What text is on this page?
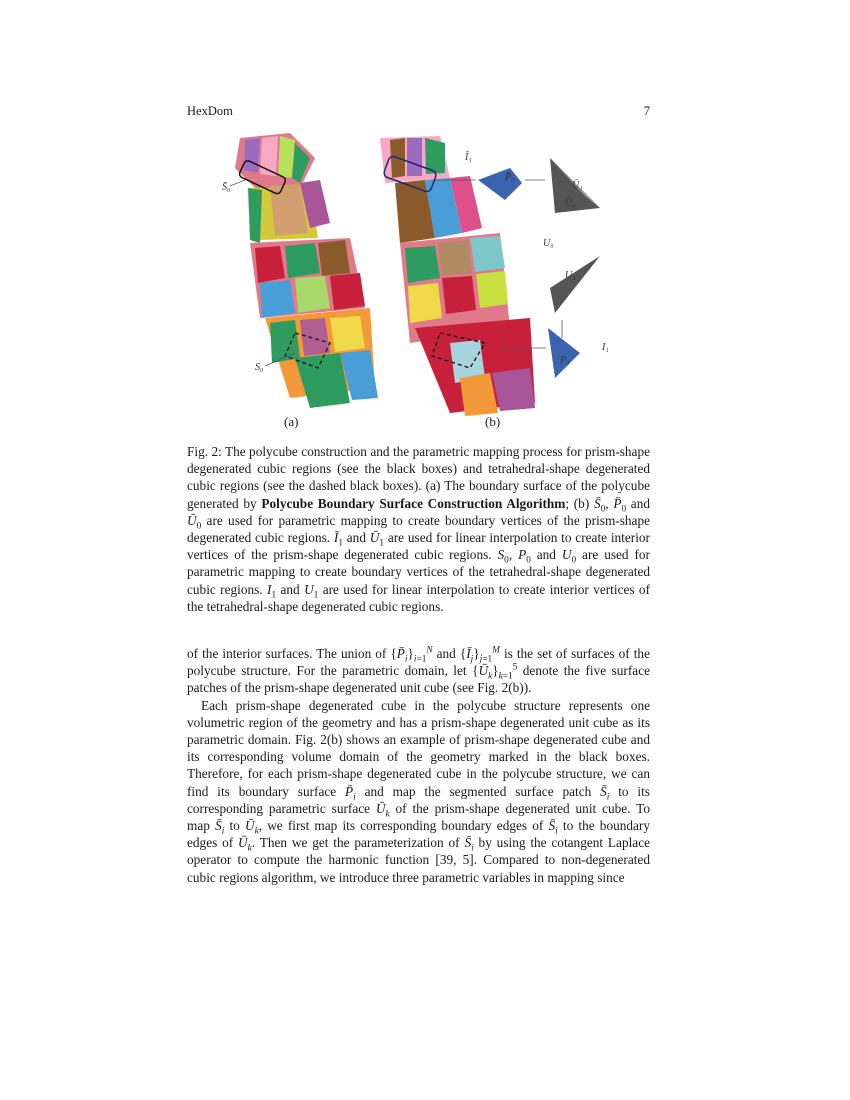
HexDom	7
S̄₀
S₀
Ī₁
P̄₀
Ū₁
Ū₀
U₁
U₀
P₀
I₁
(a)	(b)

Fig. 2: The polycube construction and the parametric mapping process for prism-shape degenerated cubic regions (see the black boxes) and tetrahedral-shape degenerated cubic regions (see the dashed black boxes). (a) The boundary surface of the polycube generated by Polycube Boundary Surface Construction Algorithm; (b) $S̄_0$, $P̄_0$ and $Ū_0$ are used for parametric mapping to create boundary vertices of the prism-shape degenerated cubic regions. $Ī_1$ and $Ū_1$ are used for linear interpolation to create interior vertices of the prism-shape degenerated cubic regions. $S_0$, $P_0$ and $U_0$ are used for parametric mapping to create boundary vertices of the tetrahedral-shape degenerated cubic regions. $I_1$ and $U_1$ are used for linear interpolation to create interior vertices of the tetrahedral-shape degenerated cubic regions.

of the interior surfaces. The union of $\{P̄_i\}_{i=1}^N$ and $\{Ī_j\}_{j=1}^M$ is the set of surfaces of the polycube structure. For the parametric domain, let $\{Ū_k\}_{k=1}^5$ denote the five surface patches of the prism-shape degenerated unit cube (see Fig. 2(b)).

Each prism-shape degenerated cube in the polycube structure represents one volumetric region of the geometry and has a prism-shape degenerated unit cube as its parametric domain. Fig. 2(b) shows an example of prism-shape degenerated cube and its corresponding volume domain of the geometry marked in the black boxes. Therefore, for each prism-shape degenerated cube in the polycube structure, we can find its boundary surface $P̄_i$ and map the segmented surface patch $S̄_i$ to its corresponding parametric surface $Ū_k$ of the prism-shape degenerated unit cube. To map $S̄_i$ to $Ū_k$, we first map its corresponding boundary edges of $S̄_i$ to the boundary edges of $Ū_k$. Then we get the parameterization of $S̄_i$ by using the cotangent Laplace operator to compute the harmonic function [39, 5]. Compared to non-degenerated cubic regions algorithm, we introduce three parametric variables in mapping since
